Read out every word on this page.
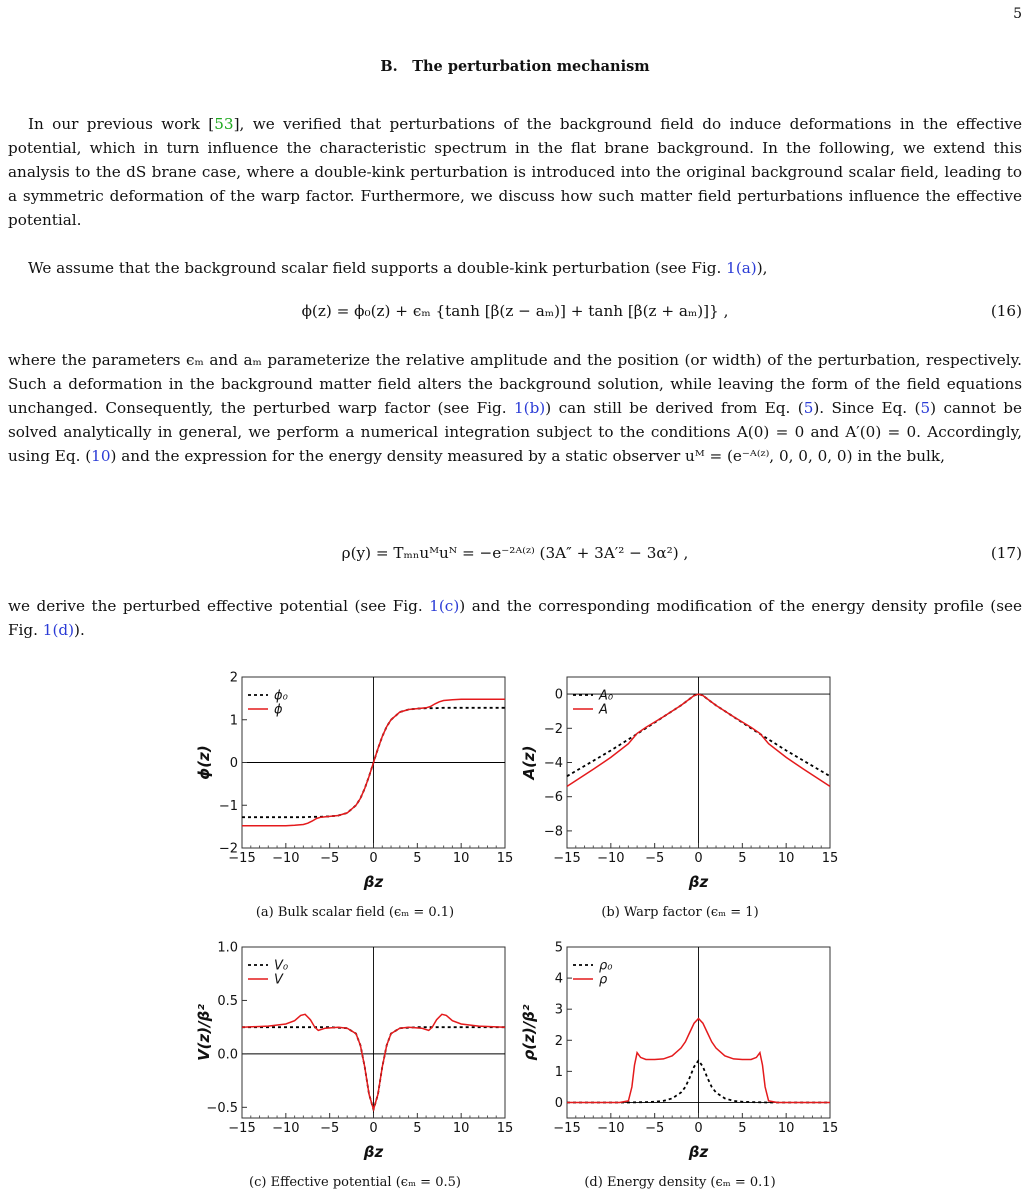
5
B. The perturbation mechanism

In our previous work [53], we verified that perturbations of the background field do induce deformations in the effective potential, which in turn influence the characteristic spectrum in the flat brane background. In the following, we extend this analysis to the dS brane case, where a double-kink perturbation is introduced into the original background scalar field, leading to a symmetric deformation of the warp factor. Furthermore, we discuss how such matter field perturbations influence the effective potential.

We assume that the background scalar field supports a double-kink perturbation (see Fig. 1(a)),

ϕ(z) = ϕ₀(z) + ϵₘ {tanh [β(z − aₘ)] + tanh [β(z + aₘ)]} ,	(16)

where the parameters ϵₘ and aₘ parameterize the relative amplitude and the position (or width) of the perturbation, respectively. Such a deformation in the background matter field alters the background solution, while leaving the form of the field equations unchanged. Consequently, the perturbed warp factor (see Fig. 1(b)) can still be derived from Eq. (5). Since Eq. (5) cannot be solved analytically in general, we perform a numerical integration subject to the conditions A(0) = 0 and A′(0) = 0. Accordingly, using Eq. (10) and the expression for the energy density measured by a static observer uᴹ = (e⁻ᴬ⁽ᶻ⁾, 0, 0, 0, 0) in the bulk,

ρ(y) = Tₘₙuᴹuᴺ = −e⁻²ᴬ⁽ᶻ⁾ (3A″ + 3A′² − 3α²) ,	(17)

we derive the perturbed effective potential (see Fig. 1(c)) and the corresponding modification of the energy density profile (see Fig. 1(d)).

−15 −10 −5 0	5 10 15
−2
−1
0
1
2
βz
ϕ(z)
ϕ₀
ϕ
(a) Bulk scalar field (ϵₘ = 0.1)
−15 −10 −5 0	5 10 15
0
−2
−4
−6
−8
βz
A(z)
A₀
A
(b) Warp factor (ϵₘ = 1)
−15 −10 −5 0	5 10 15
1.0
0.5
0.0
−0.5
βz
V(z)/β²
V₀
V
(c) Effective potential (ϵₘ = 0.5)
−15 −10 −5 0	5 10 15
0
1
2
3
4
5
βz
ρ(z)/β²
ρ₀
ρ
(d) Energy density (ϵₘ = 0.1)
